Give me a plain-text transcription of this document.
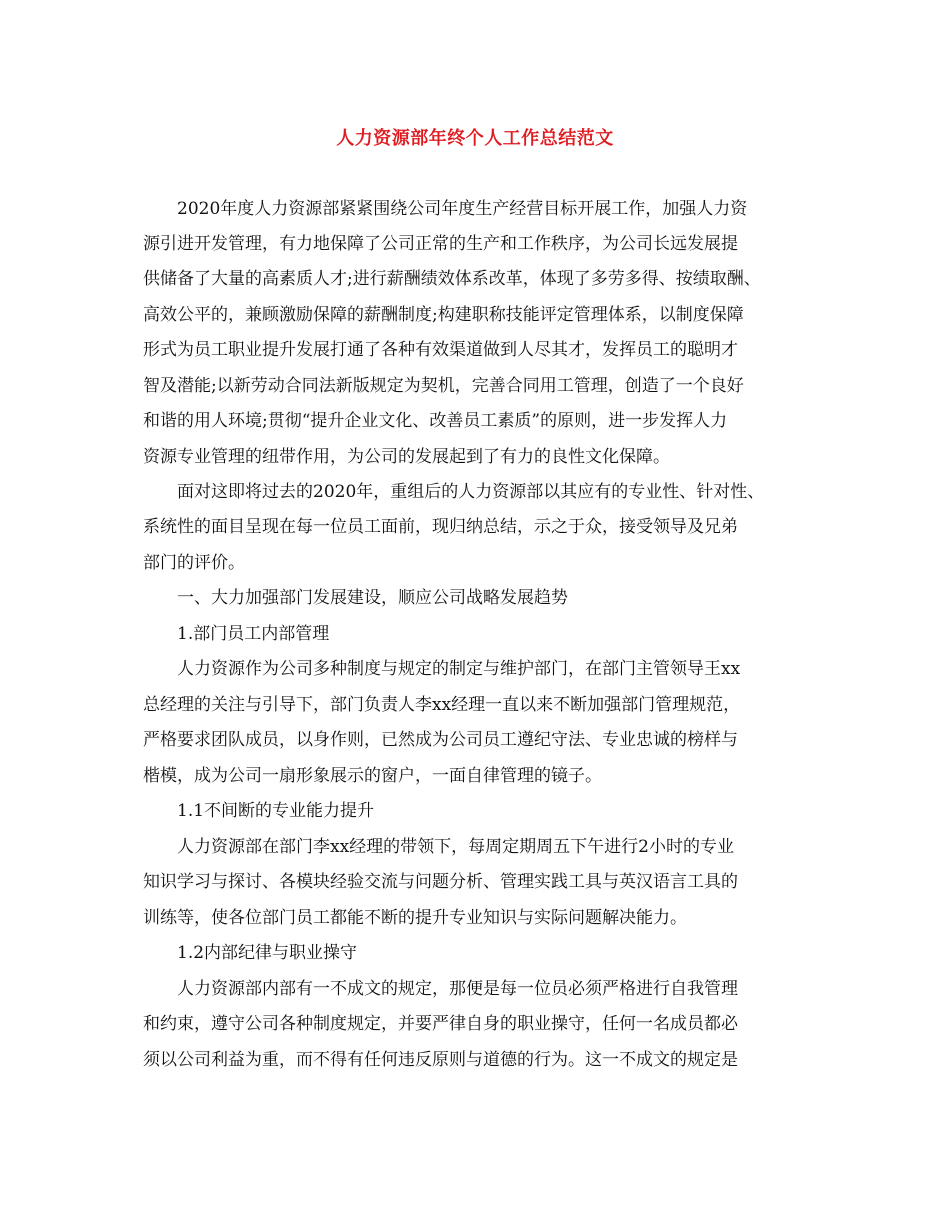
人力资源部年终个人工作总结范文
2020年度人力资源部紧紧围绕公司年度生产经营目标开展工作，加强人力资
源引进开发管理，有力地保障了公司正常的生产和工作秩序，为公司长远发展提
供储备了大量的高素质人才;进行薪酬绩效体系改革，体现了多劳多得、按绩取酬、
高效公平的，兼顾激励保障的薪酬制度;构建职称技能评定管理体系，以制度保障
形式为员工职业提升发展打通了各种有效渠道做到人尽其才，发挥员工的聪明才
智及潜能;以新劳动合同法新版规定为契机，完善合同用工管理，创造了一个良好
和谐的用人环境;贯彻“提升企业文化、改善员工素质”的原则，进一步发挥人力
资源专业管理的纽带作用，为公司的发展起到了有力的良性文化保障。
面对这即将过去的2020年，重组后的人力资源部以其应有的专业性、针对性、
系统性的面目呈现在每一位员工面前，现归纳总结，示之于众，接受领导及兄弟
部门的评价。
一、大力加强部门发展建设，顺应公司战略发展趋势
1.部门员工内部管理
人力资源作为公司多种制度与规定的制定与维护部门，在部门主管领导王xx
总经理的关注与引导下，部门负责人李xx经理一直以来不断加强部门管理规范，
严格要求团队成员，以身作则，已然成为公司员工遵纪守法、专业忠诚的榜样与
楷模，成为公司一扇形象展示的窗户，一面自律管理的镜子。
1.1不间断的专业能力提升
人力资源部在部门李xx经理的带领下，每周定期周五下午进行2小时的专业
知识学习与探讨、各模块经验交流与问题分析、管理实践工具与英汉语言工具的
训练等，使各位部门员工都能不断的提升专业知识与实际问题解决能力。
1.2内部纪律与职业操守
人力资源部内部有一不成文的规定，那便是每一位员必须严格进行自我管理
和约束，遵守公司各种制度规定，并要严律自身的职业操守，任何一名成员都必
须以公司利益为重，而不得有任何违反原则与道德的行为。这一不成文的规定是
